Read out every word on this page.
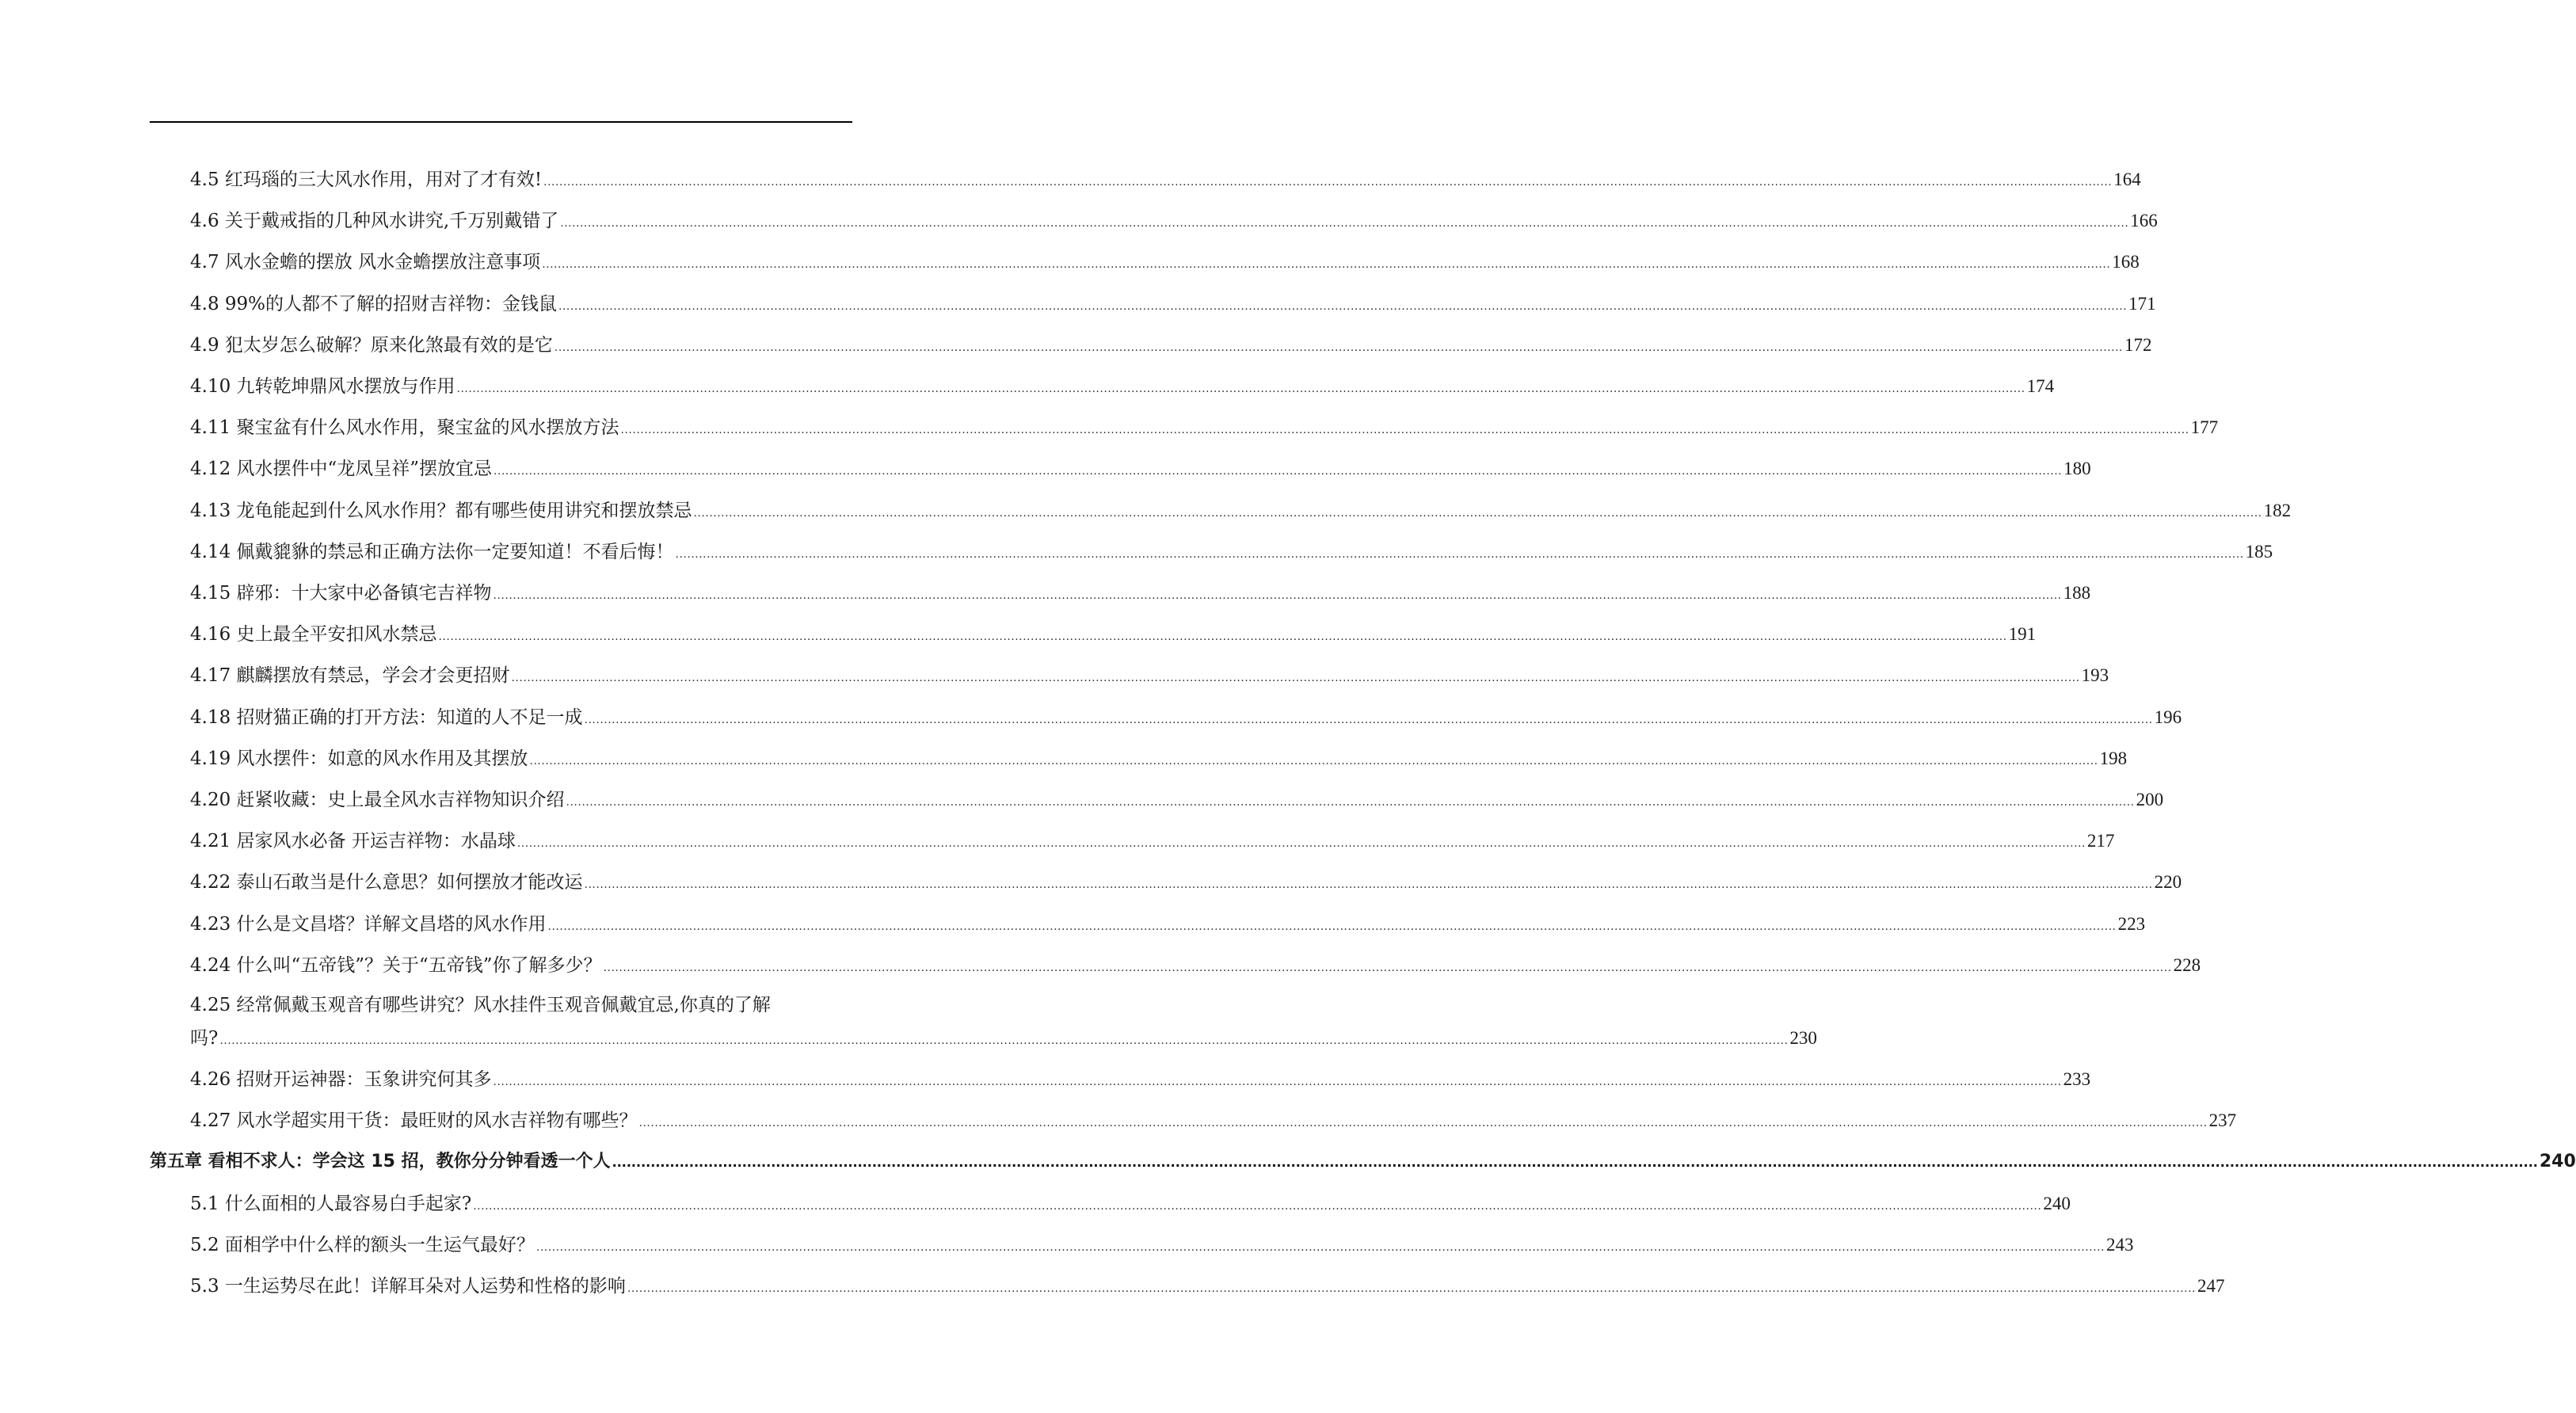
4.5 红玛瑙的三大风水作用，用对了才有效! ................................................................................................................................................................................................................................................................................................................................................................................................................ 164
4.6 关于戴戒指的几种风水讲究,千万别戴错了 ................................................................................................................................................................................................................................................................................................................................................................................................................ 166
4.7 风水金蟾的摆放 风水金蟾摆放注意事项 ................................................................................................................................................................................................................................................................................................................................................................................................................ 168
4.8 99%的人都不了解的招财吉祥物：金钱鼠 ................................................................................................................................................................................................................................................................................................................................................................................................................ 171
4.9 犯太岁怎么破解？原来化煞最有效的是它 ................................................................................................................................................................................................................................................................................................................................................................................................................ 172
4.10 九转乾坤鼎风水摆放与作用 ................................................................................................................................................................................................................................................................................................................................................................................................................ 174
4.11 聚宝盆有什么风水作用，聚宝盆的风水摆放方法 ................................................................................................................................................................................................................................................................................................................................................................................................................ 177
4.12 风水摆件中“龙凤呈祥”摆放宜忌 ................................................................................................................................................................................................................................................................................................................................................................................................................ 180
4.13 龙龟能起到什么风水作用？都有哪些使用讲究和摆放禁忌 ................................................................................................................................................................................................................................................................................................................................................................................................................ 182
4.14 佩戴貔貅的禁忌和正确方法你一定要知道！不看后悔！ ................................................................................................................................................................................................................................................................................................................................................................................................................ 185
4.15 辟邪：十大家中必备镇宅吉祥物 ................................................................................................................................................................................................................................................................................................................................................................................................................ 188
4.16 史上最全平安扣风水禁忌 ................................................................................................................................................................................................................................................................................................................................................................................................................ 191
4.17 麒麟摆放有禁忌，学会才会更招财 ................................................................................................................................................................................................................................................................................................................................................................................................................ 193
4.18 招财猫正确的打开方法：知道的人不足一成 ................................................................................................................................................................................................................................................................................................................................................................................................................ 196
4.19 风水摆件：如意的风水作用及其摆放 ................................................................................................................................................................................................................................................................................................................................................................................................................ 198
4.20 赶紧收藏：史上最全风水吉祥物知识介绍 ................................................................................................................................................................................................................................................................................................................................................................................................................ 200
4.21 居家风水必备 开运吉祥物：水晶球 ................................................................................................................................................................................................................................................................................................................................................................................................................ 217
4.22 泰山石敢当是什么意思？如何摆放才能改运 ................................................................................................................................................................................................................................................................................................................................................................................................................ 220
4.23 什么是文昌塔？详解文昌塔的风水作用 ................................................................................................................................................................................................................................................................................................................................................................................................................ 223
4.24 什么叫“五帝钱”？关于“五帝钱”你了解多少？ ................................................................................................................................................................................................................................................................................................................................................................................................................ 228
4.25 经常佩戴玉观音有哪些讲究？风水挂件玉观音佩戴宜忌,你真的了解
吗? ................................................................................................................................................................................................................................................................................................................................................................................................................ 230
4.26 招财开运神器：玉象讲究何其多 ................................................................................................................................................................................................................................................................................................................................................................................................................ 233
4.27 风水学超实用干货：最旺财的风水吉祥物有哪些？ ................................................................................................................................................................................................................................................................................................................................................................................................................ 237
第五章 看相不求人：学会这 15 招，教你分分钟看透一个人 ................................................................................................................................................................................................................................................................................................................................................................................................................ 240
5.1 什么面相的人最容易白手起家? ................................................................................................................................................................................................................................................................................................................................................................................................................ 240
5.2 面相学中什么样的额头一生运气最好？ ................................................................................................................................................................................................................................................................................................................................................................................................................ 243
5.3 一生运势尽在此！详解耳朵对人运势和性格的影响 ................................................................................................................................................................................................................................................................................................................................................................................................................ 247
